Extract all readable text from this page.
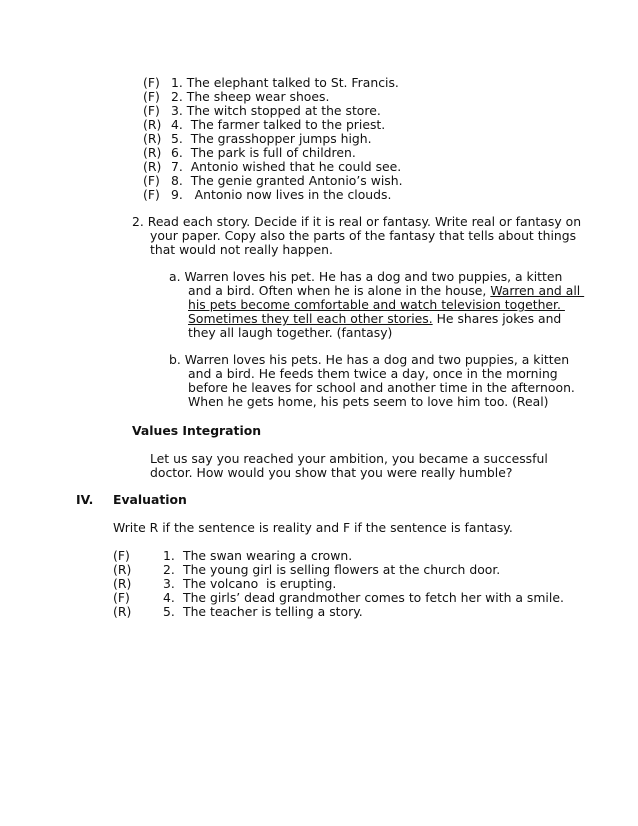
(F) 1. The elephant talked to St. Francis.
(F) 2. The sheep wear shoes.
(F) 3. The witch stopped at the store.
(R) 4.  The farmer talked to the priest.
(R) 5.  The grasshopper jumps high.
(R) 6.  The park is full of children.
(R) 7.  Antonio wished that he could see.
(F) 8.  The genie granted Antonio’s wish.
(F) 9.   Antonio now lives in the clouds.
2. Read each story. Decide if it is real or fantasy. Write real or fantasy on
your paper. Copy also the parts of the fantasy that tells about things
that would not really happen.
a. Warren loves his pet. He has a dog and two puppies, a kitten
and a bird. Often when he is alone in the house, Warren and all
his pets become comfortable and watch television together.
Sometimes they tell each other stories. He shares jokes and
they all laugh together. (fantasy)
b. Warren loves his pets. He has a dog and two puppies, a kitten
and a bird. He feeds them twice a day, once in the morning
before he leaves for school and another time in the afternoon.
When he gets home, his pets seem to love him too. (Real)
Values Integration
Let us say you reached your ambition, you became a successful
doctor. How would you show that you were really humble?
IV. Evaluation
Write R if the sentence is reality and F if the sentence is fantasy.
(F)	1. The swan wearing a crown.
(R)	2. The young girl is selling flowers at the church door.
(R)	3. The volcano  is erupting.
(F)	4. The girls’ dead grandmother comes to fetch her with a smile.
(R)	5. The teacher is telling a story.
